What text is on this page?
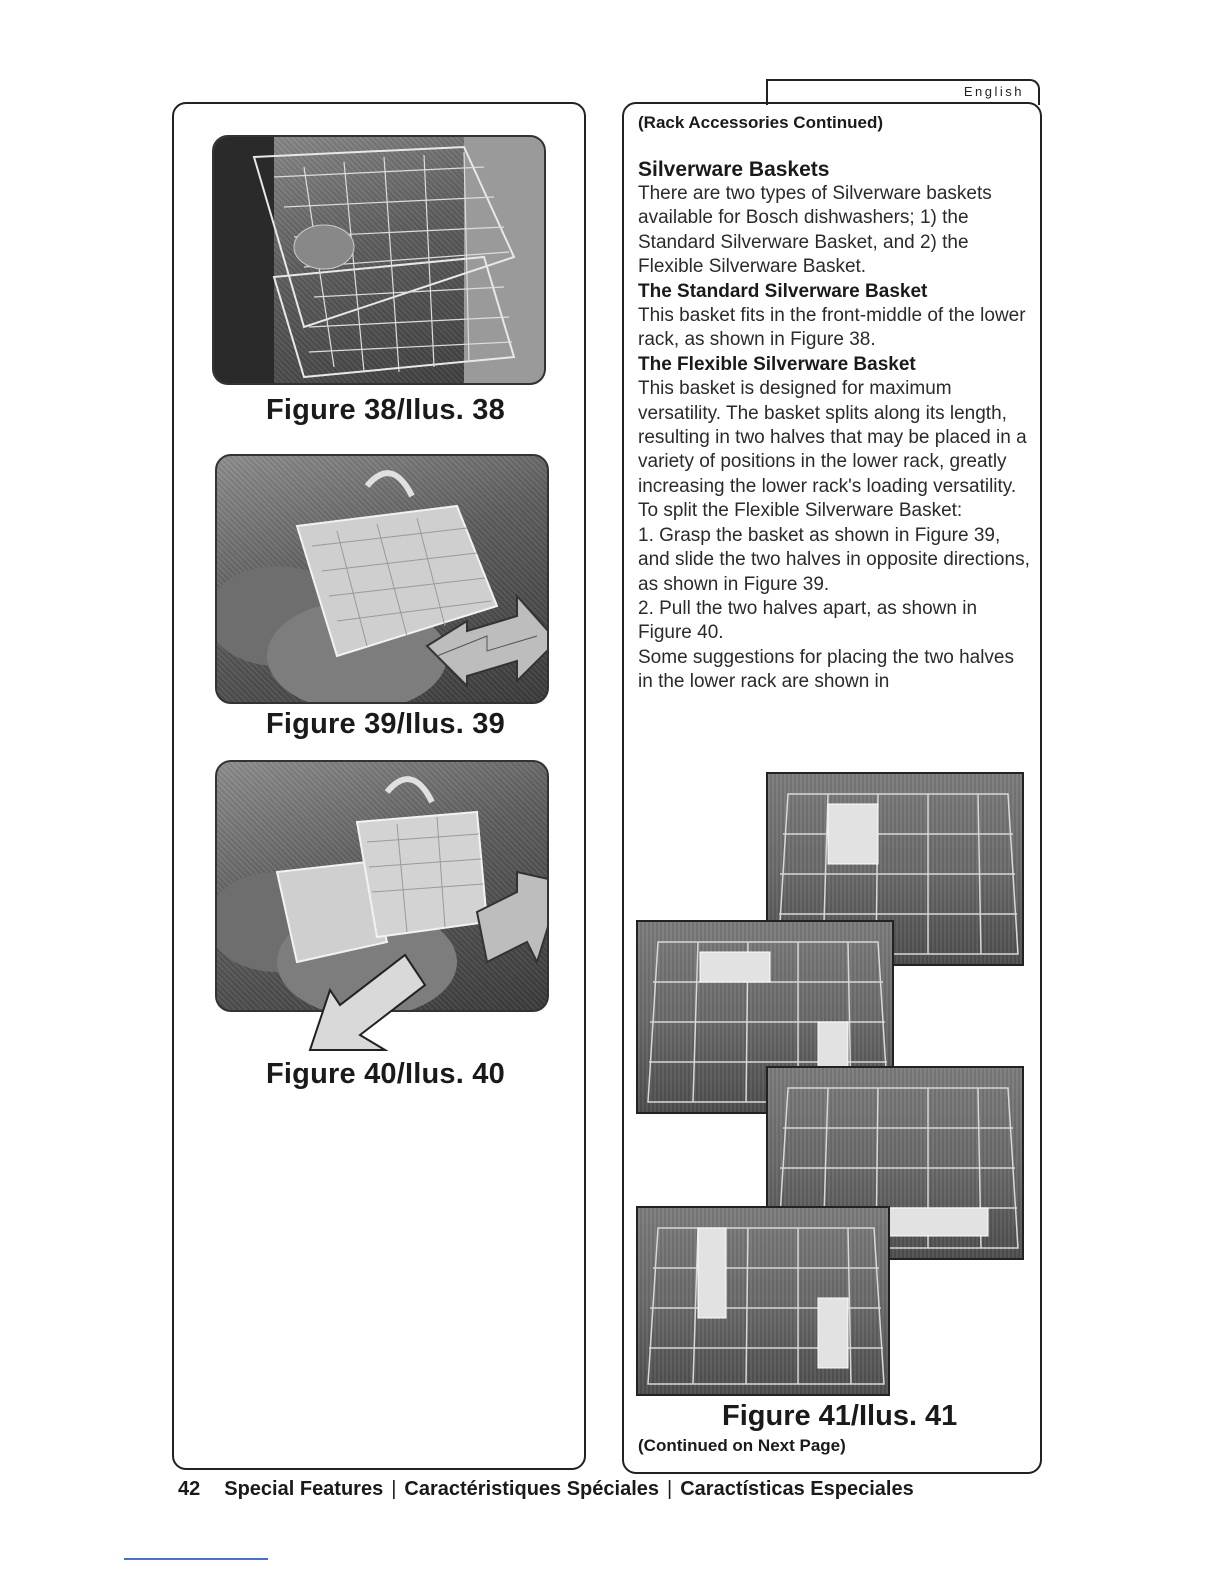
Figure 38/Ilus. 38
Figure 39/Ilus. 39
Figure 40/Ilus. 40
English

(Rack Accessories Continued)

Silverware Baskets

There are two types of Silverware baskets available for Bosch dishwashers; 1) the Standard Silverware Basket, and 2) the Flexible Silverware Basket.

The Standard Silverware Basket

This basket fits in the front-middle of the lower rack, as shown in Figure 38.

The Flexible Silverware Basket

This basket is designed for maximum versatility. The basket splits along its length, resulting in two halves that may be placed in a variety of positions in the lower rack, greatly increasing the lower rack's loading versatility.

To split the Flexible Silverware Basket:

1. Grasp the basket as shown in Figure 39, and slide the two halves in opposite directions, as shown in Figure 39.

2. Pull the two halves apart, as shown in Figure 40.

Some suggestions for placing the two halves in the lower rack are shown in

Figure 41/Ilus. 41
(Continued on Next Page)
42 Special Features | Caractéristiques Spéciales | Caractísticas Especiales
